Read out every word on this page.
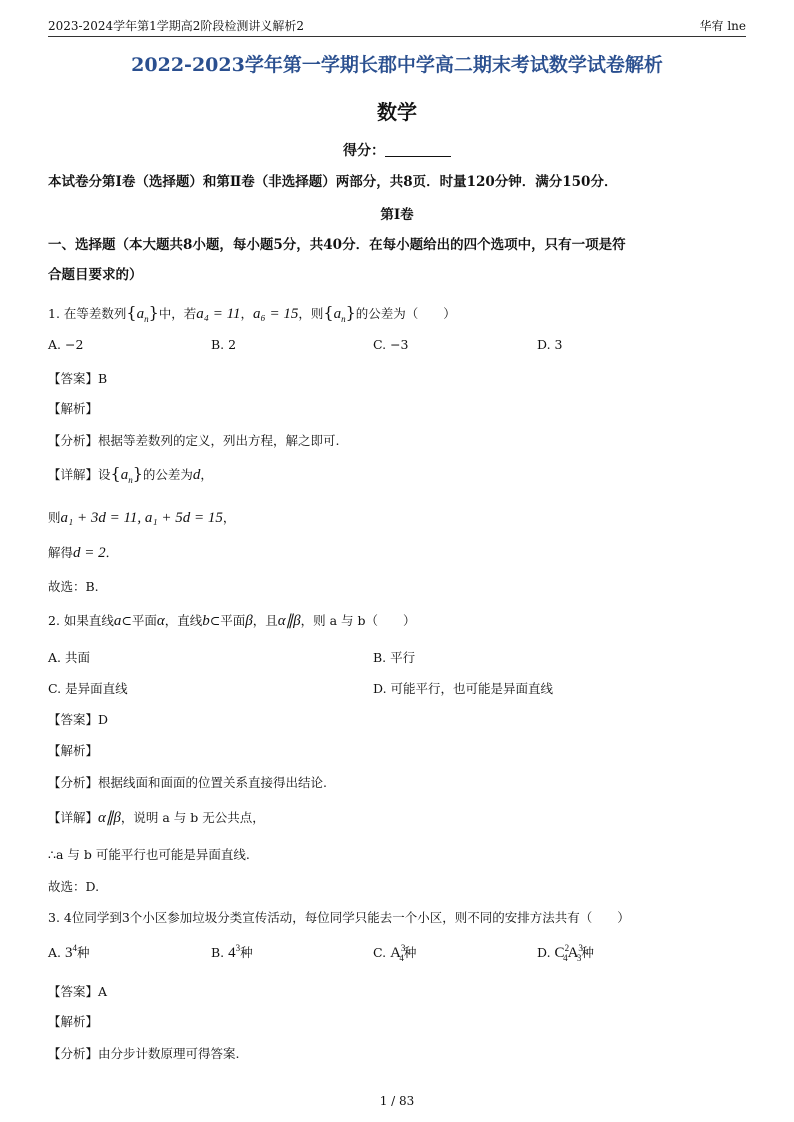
2023-2024学年第1学期高2阶段检测讲义解析2	华宥 lne
2022-2023学年第一学期长郡中学高二期末考试数学试卷解析
数学
得分：
本试卷分第Ⅰ卷（选择题）和第Ⅱ卷（非选择题）两部分，共8页．时量120分钟．满分150分．
第Ⅰ卷
一、选择题（本大题共8小题，每小题5分，共40分．在每小题给出的四个选项中，只有一项是符
合题目要求的）
1. 在等差数列$\{a_n\}$中，若a₄ = 11，a₆ = 15，则$\{a_n\}$的公差为（　　）
A. −2	B. 2	C. −3	D. 3
【答案】B
【解析】
【分析】根据等差数列的定义，列出方程，解之即可.
【详解】设$\{a_n\}$的公差为d，
则a₁ + 3d = 11, a₁ + 5d = 15，
解得d = 2．
故选：B.
2. 如果直线a⊂平面α，直线b⊂平面β，且α∥β，则 a 与 b（　　）
A. 共面	B. 平行
C. 是异面直线	D. 可能平行，也可能是异面直线
【答案】D
【解析】
【分析】根据线面和面面的位置关系直接得出结论.
【详解】α∥β，说明 a 与 b 无公共点，
∴a 与 b 可能平行也可能是异面直线.
故选：D.
3. 4位同学到3个小区参加垃圾分类宣传活动，每位同学只能去一个小区，则不同的安排方法共有（　　）
A. $3^4$种	B. $4^3$种	C. $A^3_4$种	D. $C^2_4A^3_3$种
【答案】A
【解析】
【分析】由分步计数原理可得答案.
1 / 83
